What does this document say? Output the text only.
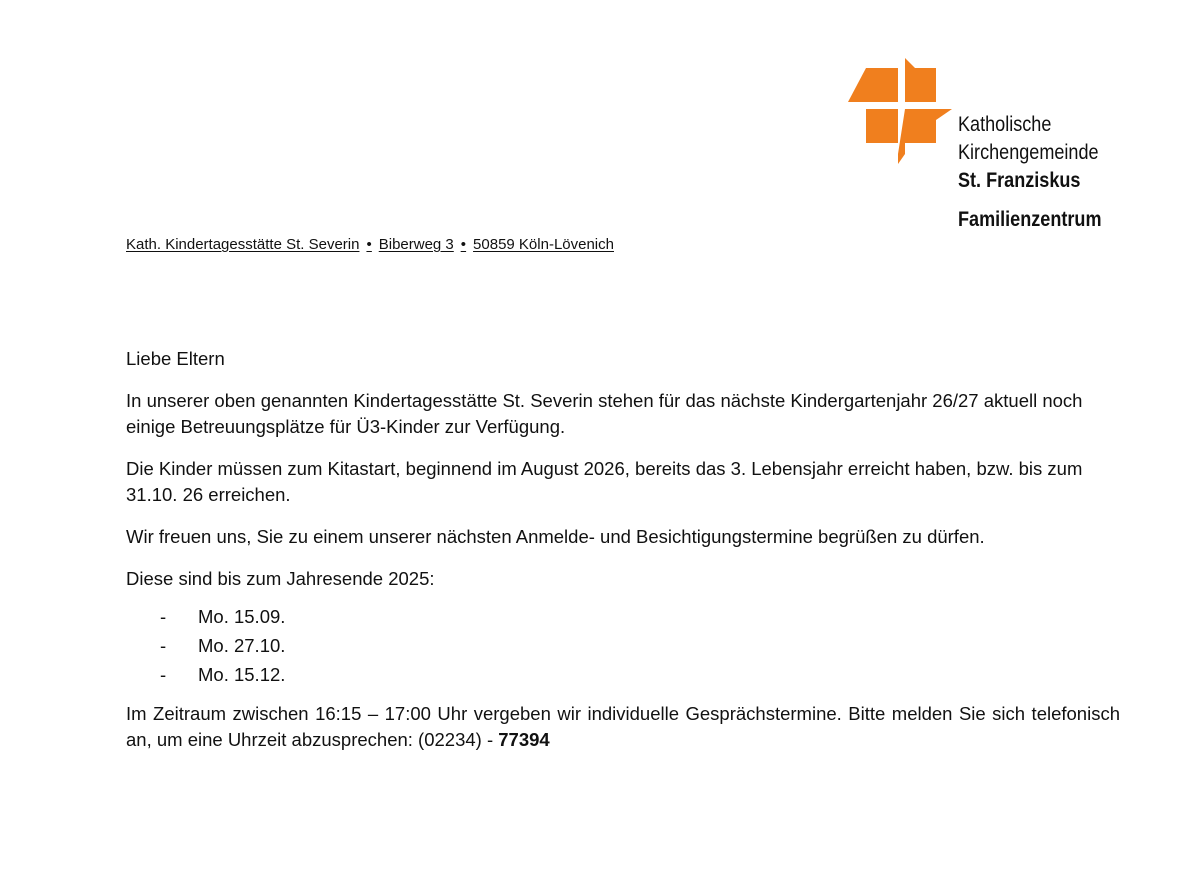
Katholische
Kirchengemeinde
St. Franziskus
Familienzentrum
Kath. Kindertagesstätte St. Severin • Biberweg 3 • 50859 Köln-Lövenich

Liebe Eltern

In unserer oben genannten Kindertagesstätte St. Severin stehen für das nächste Kindergartenjahr 26/27 aktuell noch einige Betreuungsplätze für Ü3-Kinder zur Verfügung.

Die Kinder müssen zum Kitastart, beginnend im August 2026, bereits das 3. Lebensjahr erreicht haben, bzw. bis zum 31.10. 26 erreichen.

Wir freuen uns, Sie zu einem unserer nächsten Anmelde- und Besichtigungstermine begrüßen zu dürfen.

Diese sind bis zum Jahresende 2025:

- Mo. 15.09.
- Mo. 27.10.
- Mo. 15.12.

Im Zeitraum zwischen 16:15 – 17:00 Uhr vergeben wir individuelle Gesprächstermine. Bitte melden Sie sich telefonisch an, um eine Uhrzeit abzusprechen: (02234) - 77394
